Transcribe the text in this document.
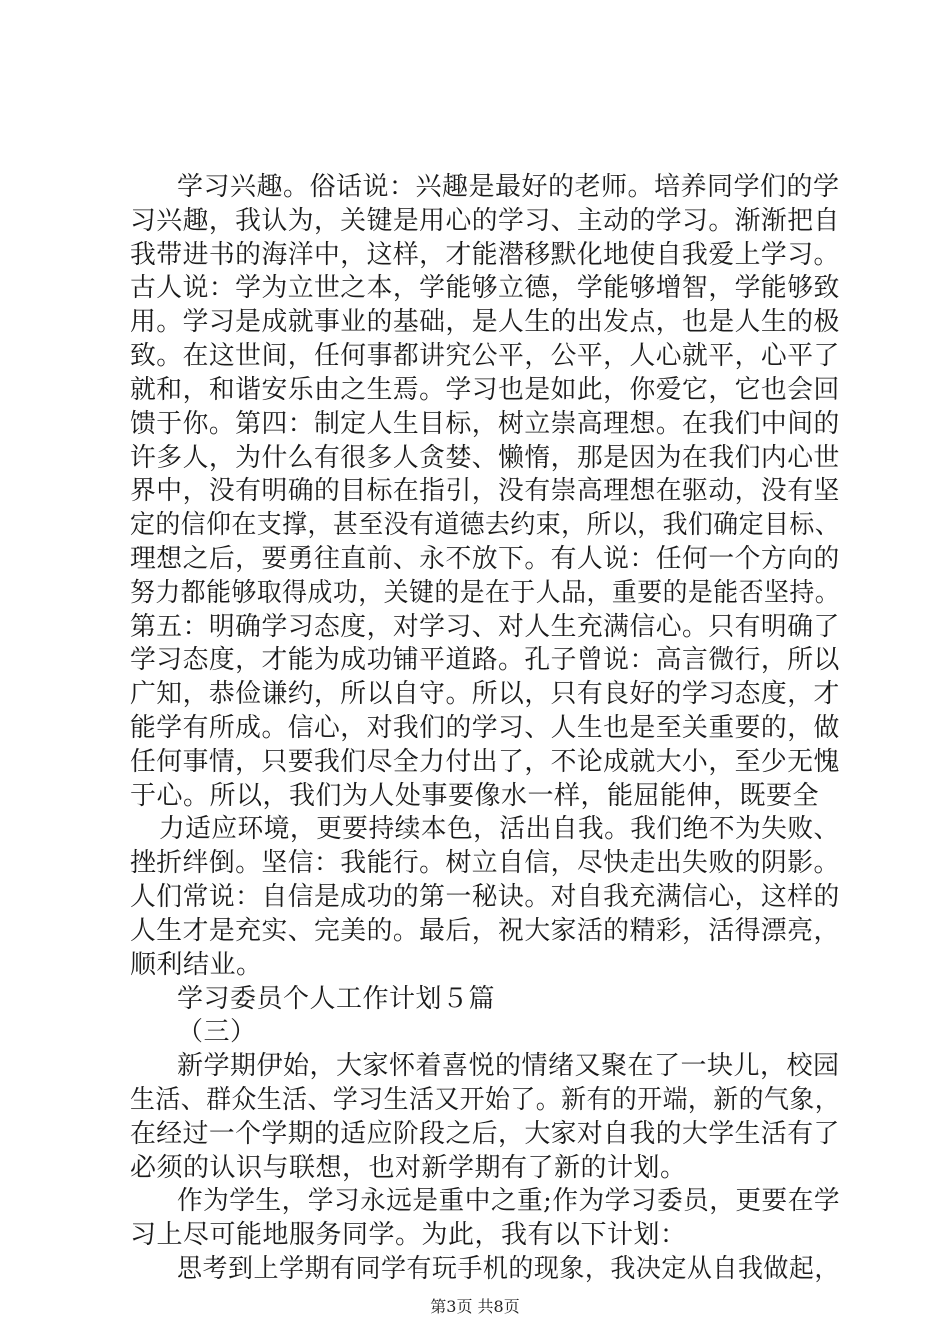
学习兴趣。俗话说：兴趣是最好的老师。培养同学们的学
习兴趣，我认为，关键是用心的学习、主动的学习。渐渐把自
我带进书的海洋中，这样，才能潜移默化地使自我爱上学习。
古人说：学为立世之本，学能够立德，学能够增智，学能够致
用。学习是成就事业的基础，是人生的出发点，也是人生的极
致。在这世间，任何事都讲究公平，公平，人心就平，心平了
就和，和谐安乐由之生焉。学习也是如此，你爱它，它也会回
馈于你。第四：制定人生目标，树立崇高理想。在我们中间的
许多人，为什么有很多人贪婪、懒惰，那是因为在我们内心世
界中，没有明确的目标在指引，没有崇高理想在驱动，没有坚
定的信仰在支撑，甚至没有道德去约束，所以，我们确定目标、
理想之后，要勇往直前、永不放下。有人说：任何一个方向的
努力都能够取得成功，关键的是在于人品，重要的是能否坚持。
第五：明确学习态度，对学习、对人生充满信心。只有明确了
学习态度，才能为成功铺平道路。孔子曾说：高言微行，所以
广知，恭俭谦约，所以自守。所以，只有良好的学习态度，才
能学有所成。信心，对我们的学习、人生也是至关重要的，做
任何事情，只要我们尽全力付出了，不论成就大小，至少无愧
于心。所以，我们为人处事要像水一样，能屈能伸，既要全
力适应环境，更要持续本色，活出自我。我们绝不为失败、
挫折绊倒。坚信：我能行。树立自信，尽快走出失败的阴影。
人们常说：自信是成功的第一秘诀。对自我充满信心，这样的
人生才是充实、完美的。最后，祝大家活的精彩，活得漂亮，
顺利结业。
学习委员个人工作计划５篇
（三）
新学期伊始，大家怀着喜悦的情绪又聚在了一块儿，校园
生活、群众生活、学习生活又开始了。新有的开端，新的气象，
在经过一个学期的适应阶段之后，大家对自我的大学生活有了
必须的认识与联想，也对新学期有了新的计划。
作为学生，学习永远是重中之重;作为学习委员，更要在学
习上尽可能地服务同学。为此，我有以下计划：
思考到上学期有同学有玩手机的现象，我决定从自我做起，
第3页 共8页
